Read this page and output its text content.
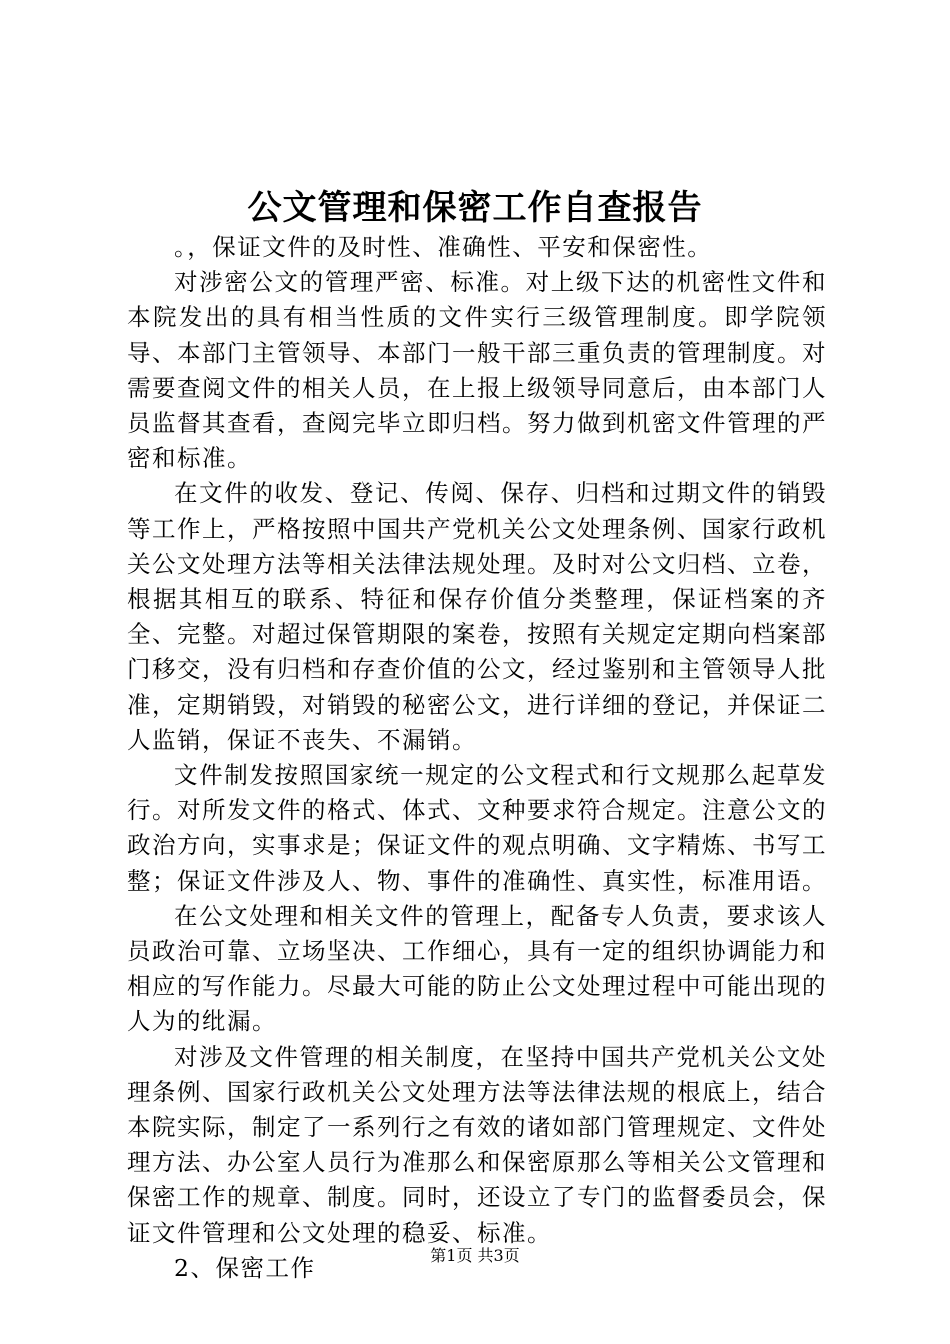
公文管理和保密工作自查报告

。，保证文件的及时性、准确性、平安和保密性。

对涉密公文的管理严密、标准。对上级下达的机密性文件和本院发出的具有相当性质的文件实行三级管理制度。即学院领导、本部门主管领导、本部门一般干部三重负责的管理制度。对需要查阅文件的相关人员，在上报上级领导同意后，由本部门人员监督其查看，查阅完毕立即归档。努力做到机密文件管理的严密和标准。

在文件的收发、登记、传阅、保存、归档和过期文件的销毁等工作上，严格按照中国共产党机关公文处理条例、国家行政机关公文处理方法等相关法律法规处理。及时对公文归档、立卷，根据其相互的联系、特征和保存价值分类整理，保证档案的齐全、完整。对超过保管期限的案卷，按照有关规定定期向档案部门移交，没有归档和存查价值的公文，经过鉴别和主管领导人批准，定期销毁，对销毁的秘密公文，进行详细的登记，并保证二人监销，保证不丧失、不漏销。

文件制发按照国家统一规定的公文程式和行文规那么起草发行。对所发文件的格式、体式、文种要求符合规定。注意公文的政治方向，实事求是；保证文件的观点明确、文字精炼、书写工整；保证文件涉及人、物、事件的准确性、真实性，标准用语。

在公文处理和相关文件的管理上，配备专人负责，要求该人员政治可靠、立场坚决、工作细心，具有一定的组织协调能力和相应的写作能力。尽最大可能的防止公文处理过程中可能出现的人为的纰漏。

对涉及文件管理的相关制度，在坚持中国共产党机关公文处理条例、国家行政机关公文处理方法等法律法规的根底上，结合本院实际，制定了一系列行之有效的诸如部门管理规定、文件处理方法、办公室人员行为准那么和保密原那么等相关公文管理和保密工作的规章、制度。同时，还设立了专门的监督委员会，保证文件管理和公文处理的稳妥、标准。

2、保密工作	第1页 共3页
